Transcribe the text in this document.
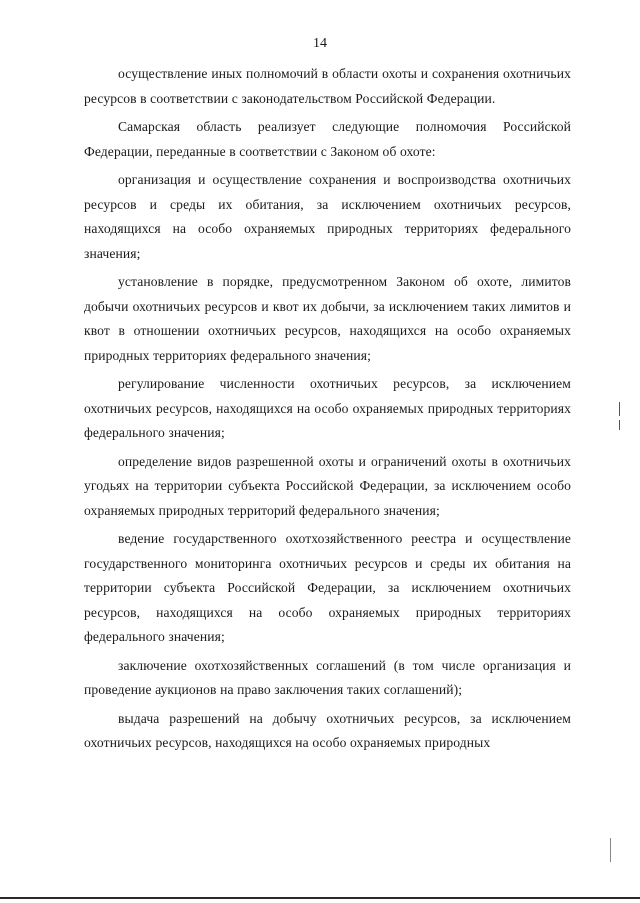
14

осуществление иных полномочий в области охоты и сохранения охотничьих ресурсов в соответствии с законодательством Российской Федерации.

Самарская область реализует следующие полномочия Российской Федерации, переданные в соответствии с Законом об охоте:

организация и осуществление сохранения и воспроизводства охотничьих ресурсов и среды их обитания, за исключением охотничьих ресурсов, находящихся на особо охраняемых природных территориях федерального значения;

установление в порядке, предусмотренном Законом об охоте, лимитов добычи охотничьих ресурсов и квот их добычи, за исключением таких лимитов и квот в отношении охотничьих ресурсов, находящихся на особо охраняемых природных территориях федерального значения;

регулирование численности охотничьих ресурсов, за исключением охотничьих ресурсов, находящихся на особо охраняемых природных территориях федерального значения;

определение видов разрешенной охоты и ограничений охоты в охотничьих угодьях на территории субъекта Российской Федерации, за исключением особо охраняемых природных территорий федерального значения;

ведение государственного охотхозяйственного реестра и осуществление государственного мониторинга охотничьих ресурсов и среды их обитания на территории субъекта Российской Федерации, за исключением охотничьих ресурсов, находящихся на особо охраняемых природных территориях федерального значения;

заключение охотхозяйственных соглашений (в том числе организация и проведение аукционов на право заключения таких соглашений);

выдача разрешений на добычу охотничьих ресурсов, за исключением охотничьих ресурсов, находящихся на особо охраняемых природных
